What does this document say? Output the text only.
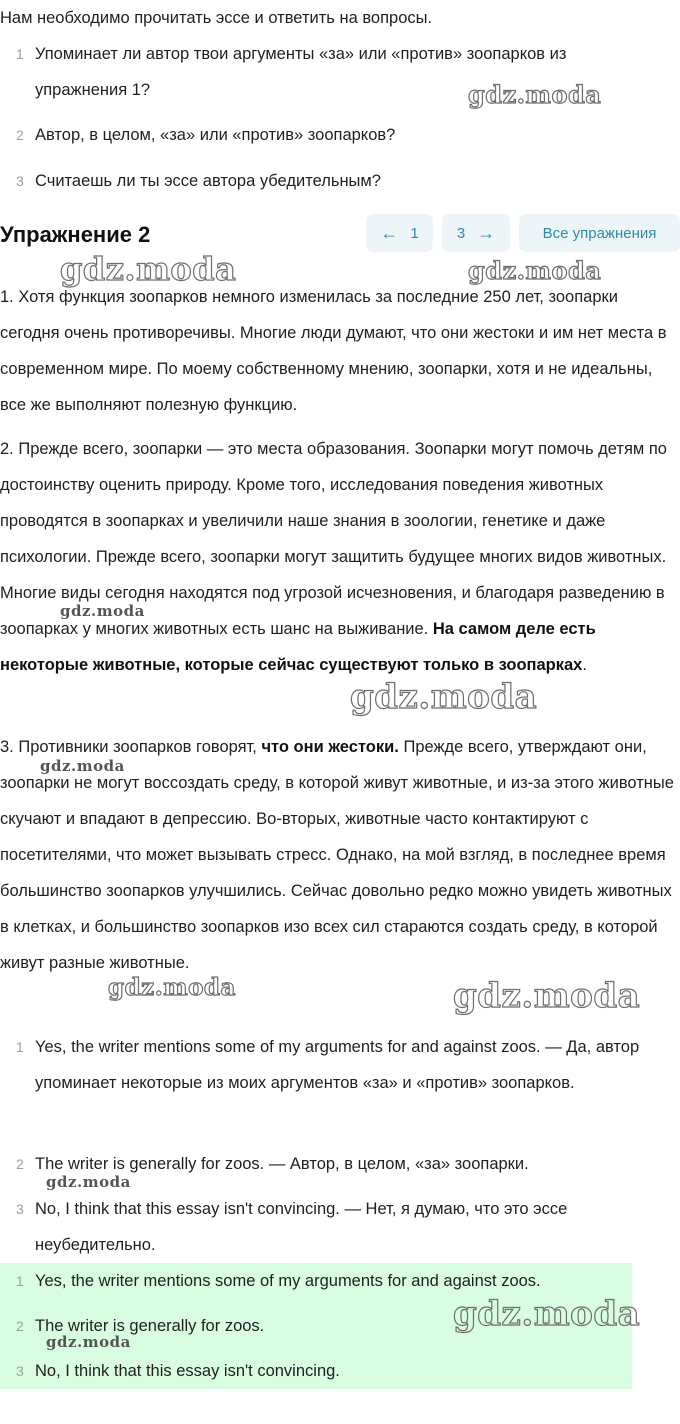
Нам необходимо прочитать эссе и ответить на вопросы.
1 Упоминает ли автор твои аргументы «за» или «против» зоопарков из упражнения 1?
2 Автор, в целом, «за» или «против» зоопарков?
3 Считаешь ли ты эссе автора убедительным?
Упражнение 2	← 1	3 →	Все упражнения
1. Хотя функция зоопарков немного изменилась за последние 250 лет, зоопарки сегодня очень противоречивы. Многие люди думают, что они жестоки и им нет места в современном мире. По моему собственному мнению, зоопарки, хотя и не идеальны, все же выполняют полезную функцию.
2. Прежде всего, зоопарки — это места образования. Зоопарки могут помочь детям по достоинству оценить природу. Кроме того, исследования поведения животных проводятся в зоопарках и увеличили наше знания в зоологии, генетике и даже психологии. Прежде всего, зоопарки могут защитить будущее многих видов животных. Многие виды сегодня находятся под угрозой исчезновения, и благодаря разведению в зоопарках у многих животных есть шанс на выживание. На самом деле есть некоторые животные, которые сейчас существуют только в зоопарках.
3. Противники зоопарков говорят, что они жестоки. Прежде всего, утверждают они, зоопарки не могут воссоздать среду, в которой живут животные, и из-за этого животные скучают и впадают в депрессию. Во-вторых, животные часто контактируют с посетителями, что может вызывать стресс. Однако, на мой взгляд, в последнее время большинство зоопарков улучшились. Сейчас довольно редко можно увидеть животных в клетках, и большинство зоопарков изо всех сил стараются создать среду, в которой живут разные животные.
1 Yes, the writer mentions some of my arguments for and against zoos. — Да, автор упоминает некоторые из моих аргументов «за» и «против» зоопарков.
2 The writer is generally for zoos. — Автор, в целом, «за» зоопарки.
3 No, I think that this essay isn't convincing. — Нет, я думаю, что это эссе неубедительно.
1 Yes, the writer mentions some of my arguments for and against zoos.
2 The writer is generally for zoos.
3 No, I think that this essay isn't convincing.
gdz.moda
gdz.moda	gdz.moda
gdz.moda
gdz.moda
gdz.moda
gdz.moda	gdz.moda
gdz.moda
gdz.moda
